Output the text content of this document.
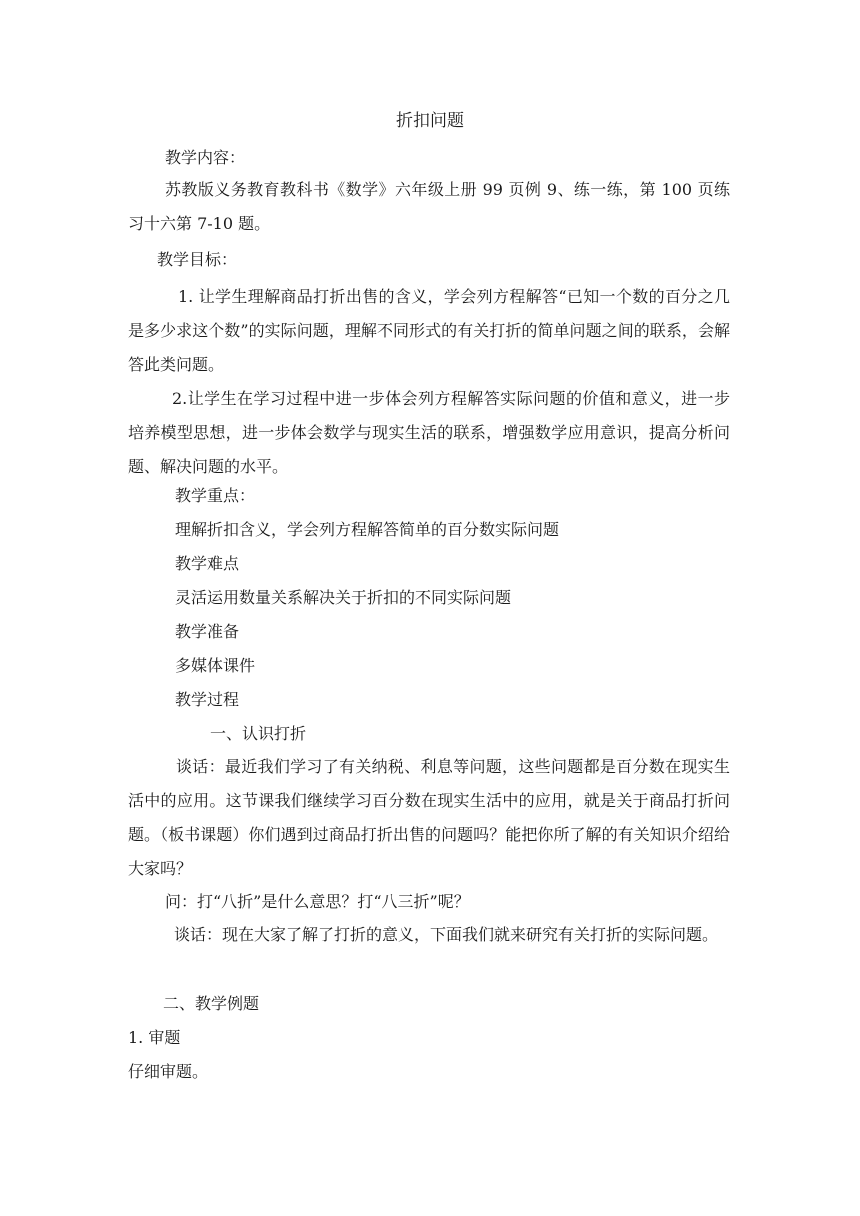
折扣问题
教学内容：
苏教版义务教育教科书《数学》六年级上册 99 页例 9、练一练，第 100 页练习十六第 7-10 题。
教学目标：
1. 让学生理解商品打折出售的含义，学会列方程解答“已知一个数的百分之几是多少求这个数”的实际问题，理解不同形式的有关打折的简单问题之间的联系，会解答此类问题。
2.让学生在学习过程中进一步体会列方程解答实际问题的价值和意义，进一步培养模型思想，进一步体会数学与现实生活的联系，增强数学应用意识，提高分析问题、解决问题的水平。
教学重点：
理解折扣含义，学会列方程解答简单的百分数实际问题
教学难点
灵活运用数量关系解决关于折扣的不同实际问题
教学准备
多媒体课件
教学过程
一、认识打折
谈话：最近我们学习了有关纳税、利息等问题，这些问题都是百分数在现实生活中的应用。这节课我们继续学习百分数在现实生活中的应用，就是关于商品打折问题。（板书课题）你们遇到过商品打折出售的问题吗？能把你所了解的有关知识介绍给大家吗？
问：打“八折”是什么意思？打“八三折”呢？
谈话：现在大家了解了打折的意义，下面我们就来研究有关打折的实际问题。
二、教学例题
1. 审题
仔细审题。
